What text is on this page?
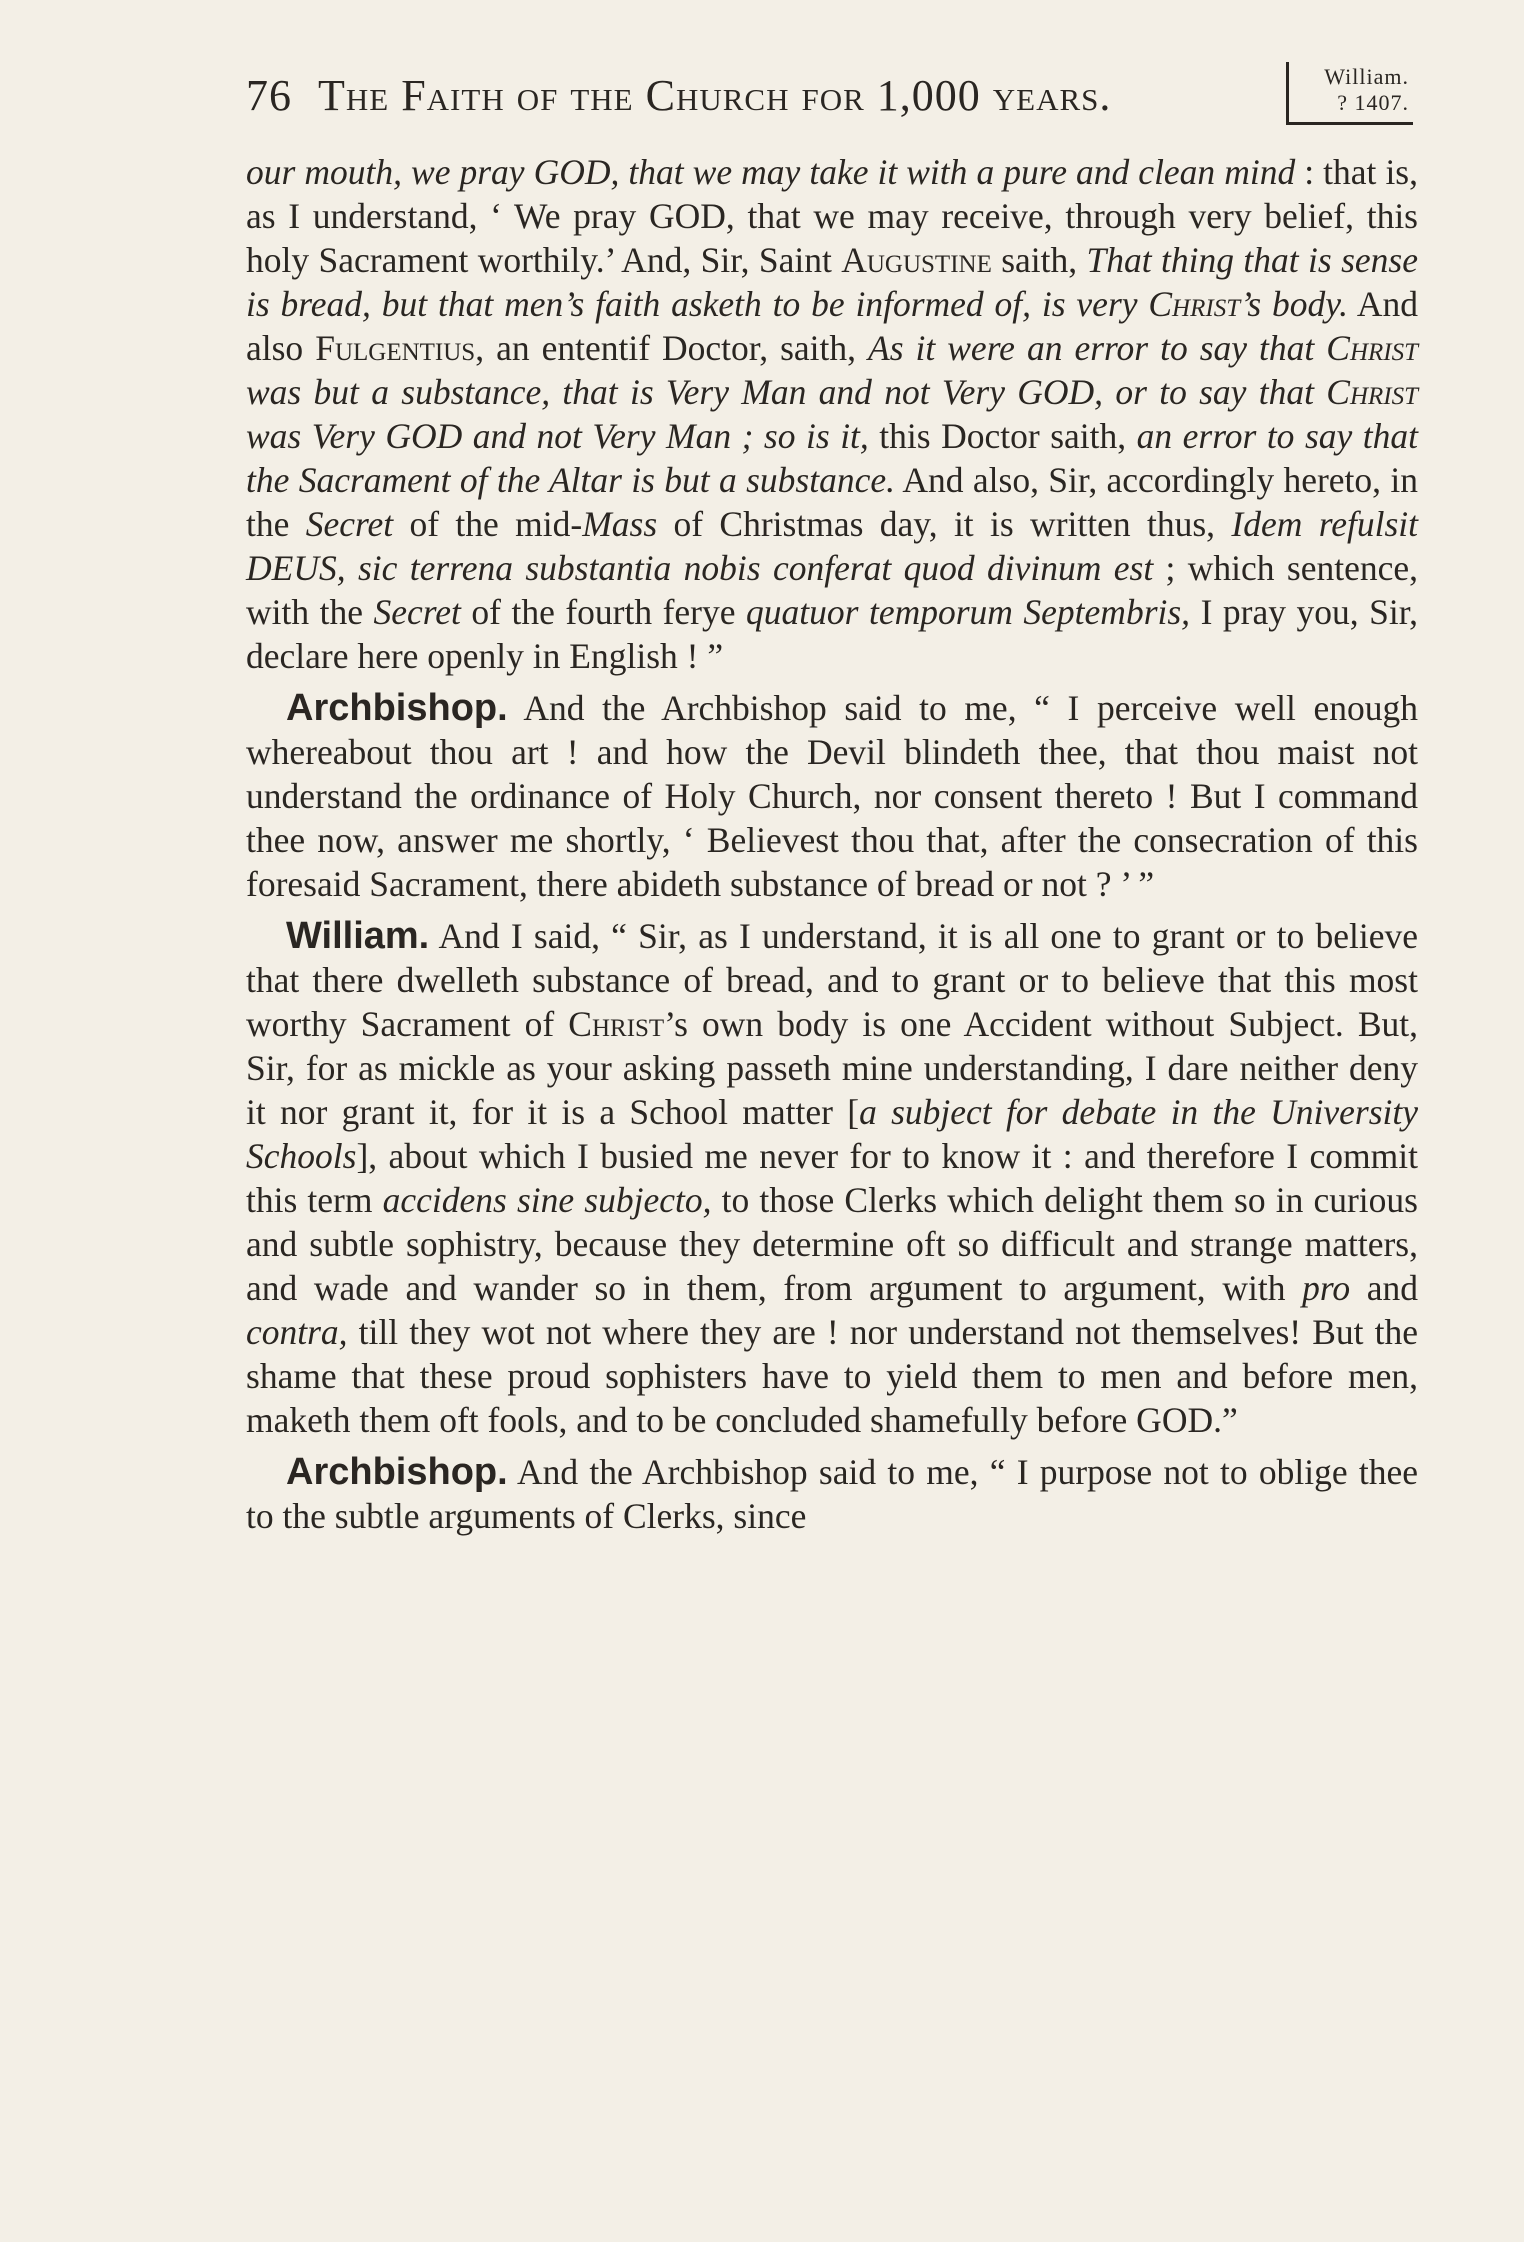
76 The Faith of the Church for 1,000 years.	William.
? 1407.

our mouth, we pray GOD, that we may take it with a pure and clean mind : that is, as I understand, ‘ We pray GOD, that we may receive, through very belief, this holy Sacrament worthily.’ And, Sir, Saint Augustine saith, That thing that is sense is bread, but that men’s faith asketh to be informed of, is very Christ’s body. And also Fulgentius, an ententif Doctor, saith, As it were an error to say that Christ was but a substance, that is Very Man and not Very GOD, or to say that Christ was Very GOD and not Very Man ; so is it, this Doctor saith, an error to say that the Sacrament of the Altar is but a substance. And also, Sir, accordingly hereto, in the Secret of the mid-Mass of Christmas day, it is written thus, Idem refulsit DEUS, sic terrena substantia nobis conferat quod divinum est ; which sentence, with the Secret of the fourth ferye quatuor temporum Septembris, I pray you, Sir, declare here openly in English ! ”

Archbishop. And the Archbishop said to me, “ I perceive well enough whereabout thou art ! and how the Devil blindeth thee, that thou maist not understand the ordinance of Holy Church, nor consent thereto ! But I command thee now, answer me shortly, ‘ Believest thou that, after the consecration of this foresaid Sacrament, there abideth substance of bread or not ? ’ ”

William. And I said, “ Sir, as I understand, it is all one to grant or to believe that there dwelleth substance of bread, and to grant or to believe that this most worthy Sacrament of Christ’s own body is one Accident without Subject. But, Sir, for as mickle as your asking passeth mine understanding, I dare neither deny it nor grant it, for it is a School matter [a subject for debate in the University Schools], about which I busied me never for to know it : and therefore I commit this term accidens sine subjecto, to those Clerks which delight them so in curious and subtle sophistry, because they determine oft so difficult and strange matters, and wade and wander so in them, from argument to argument, with pro and contra, till they wot not where they are ! nor understand not themselves! But the shame that these proud sophisters have to yield them to men and before men, maketh them oft fools, and to be concluded shamefully before GOD.”

Archbishop. And the Archbishop said to me, “ I purpose not to oblige thee to the subtle arguments of Clerks, since
